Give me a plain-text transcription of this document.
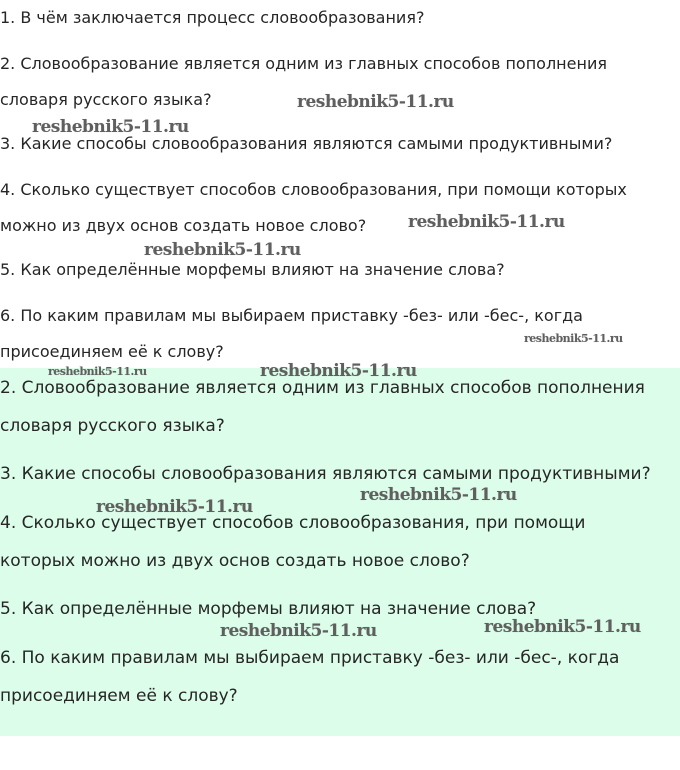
1. В чём заключается процесс словообразования?

2. Словообразование является одним из главных способов пополнения

словаря русского языка?

3. Какие способы словообразования являются самыми продуктивными?

4. Сколько существует способов словообразования, при помощи которых

можно из двух основ создать новое слово?

5. Как определённые морфемы влияют на значение слова?

6. По каким правилам мы выбираем приставку -без- или -бес-, когда

присоединяем её к слову?

2. Словообразование является одним из главных способов пополнения

словаря русского языка?

3. Какие способы словообразования являются самыми продуктивными?

4. Сколько существует способов словообразования, при помощи

которых можно из двух основ создать новое слово?

5. Как определённые морфемы влияют на значение слова?

6. По каким правилам мы выбираем приставку -без- или -бес-, когда

присоединяем её к слову?

reshebnik5-11.ru
reshebnik5-11.ru
reshebnik5-11.ru
reshebnik5-11.ru
reshebnik5-11.ru
reshebnik5-11.ru	reshebnik5-11.ru
reshebnik5-11.ru
reshebnik5-11.ru
reshebnik5-11.ru
reshebnik5-11.ru
